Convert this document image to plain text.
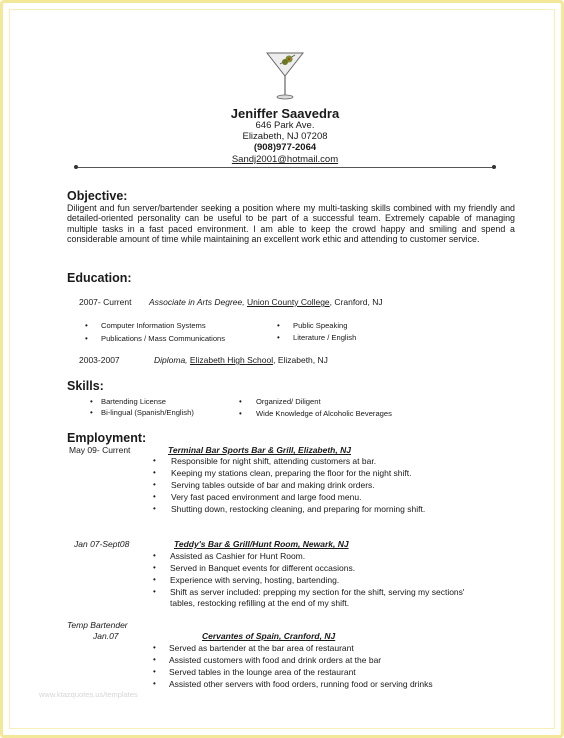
Jeniffer Saavedra
646 Park Ave.
Elizabeth, NJ 07208
(908)977-2064
Sandj2001@hotmail.com
Objective:
Diligent and fun server/bartender seeking a position where my multi-tasking skills combined with my friendly and detailed-oriented personality can be useful to be part of a successful team. Extremely capable of managing multiple tasks in a fast paced environment. I am able to keep the crowd happy and smiling and spend a considerable amount of time while maintaining an excellent work ethic and attending to customer service.
Education:
2007- Current Associate in Arts Degree, Union County College, Cranford, NJ
• Computer Information Systems
• Publications / Mass Communications
• Public Speaking
• Literature / English
2003-2007	Diploma, Elizabeth High School, Elizabeth, NJ
Skills:
• Bartending License
• Bi-lingual (Spanish/English)
• Organized/ Diligent
• Wide Knowledge of Alcoholic Beverages
Employment:
May 09- Current	Terminal Bar Sports Bar & Grill, Elizabeth, NJ
• Responsible for night shift, attending customers at bar.
• Keeping my stations clean, preparing the floor for the night shift.
• Serving tables outside of bar and making drink orders.
• Very fast paced environment and large food menu.
• Shutting down, restocking cleaning, and preparing for morning shift.
Jan 07-Sept08	Teddy's Bar & Grill/Hunt Room, Newark, NJ
• Assisted as Cashier for Hunt Room.
• Served in Banquet events for different occasions.
• Experience with serving, hosting, bartending.
• Shift as server included: prepping my section for the shift, serving my sections'
tables, restocking refilling at the end of my shift.
Temp Bartender
Jan.07	Cervantes of Spain, Cranford, NJ
• Served as bartender at the bar area of restaurant
• Assisted customers with food and drink orders at the bar
• Served tables in the lounge area of the restaurant
• Assisted other servers with food orders, running food or serving drinks
www.ktazquotes.us/templates
